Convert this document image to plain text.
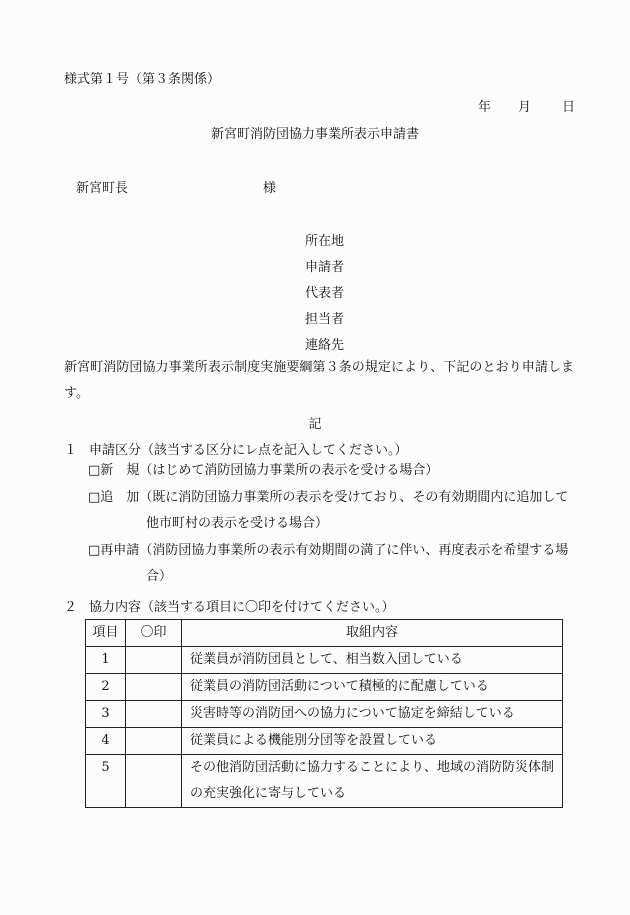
様式第１号（第３条関係）
年 月 日
新宮町消防団協力事業所表示申請書
新宮町長	様
所在地
申請者
代表者
担当者
連絡先
新宮町消防団協力事業所表示制度実施要綱第３条の規定により、下記のとおり申請します。
記
１ 申請区分（該当する区分にレ点を記入してください。）
□新　規（はじめて消防団協力事業所の表示を受ける場合）
□追　加（既に消防団協力事業所の表示を受けており、その有効期間内に追加して他市町村の表示を受ける場合）
□再申請（消防団協力事業所の表示有効期間の満了に伴い、再度表示を希望する場合）
２ 協力内容（該当する項目に〇印を付けてください。）
項目	〇印	取組内容
1		従業員が消防団員として、相当数入団している
2		従業員の消防団活動について積極的に配慮している
3		災害時等の消防団への協力について協定を締結している
4		従業員による機能別分団等を設置している
5		その他消防団活動に協力することにより、地域の消防防災体制の充実強化に寄与している
